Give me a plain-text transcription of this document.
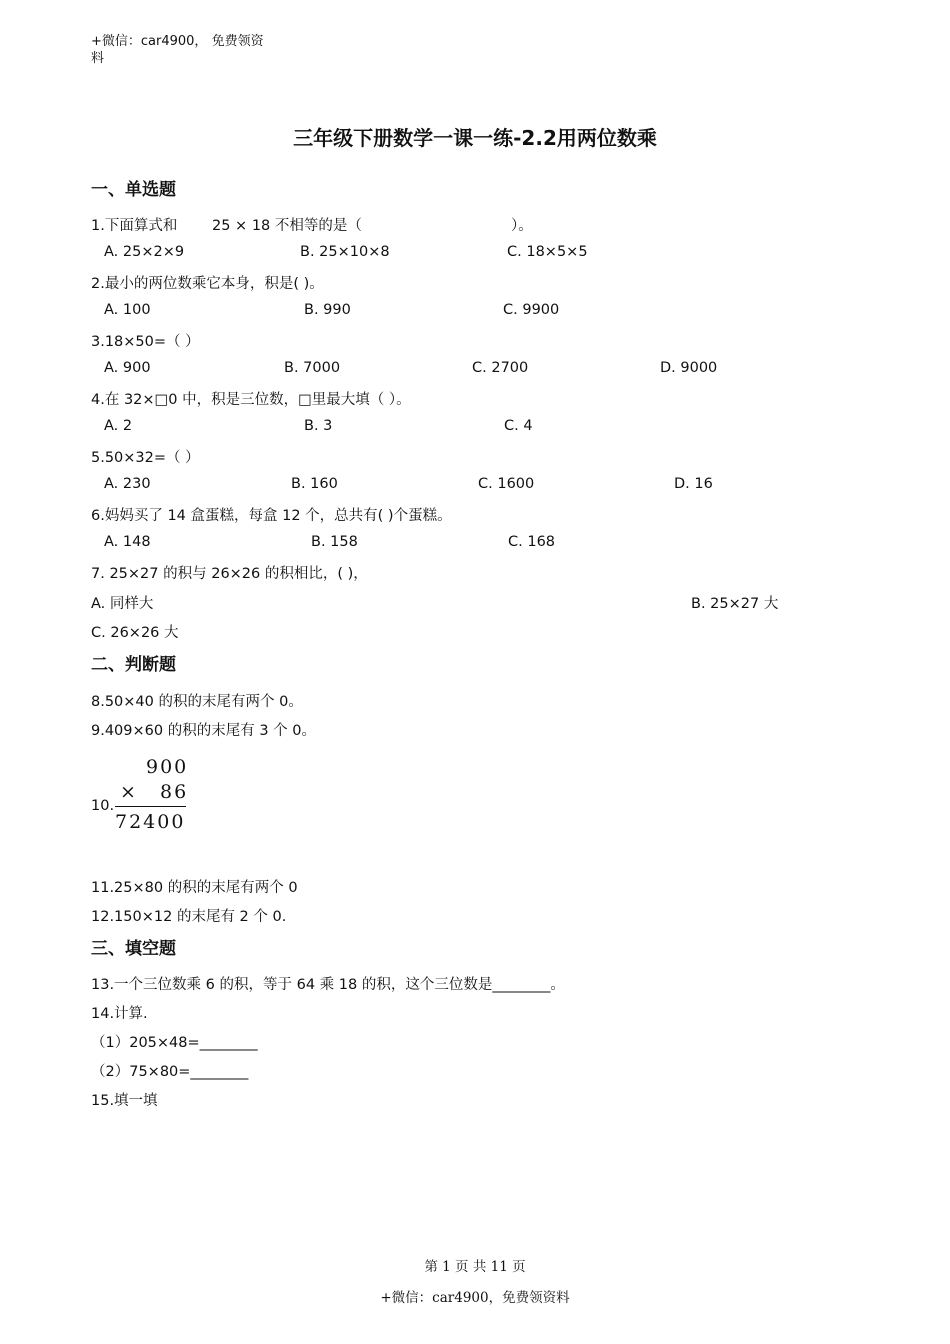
+微信：car4900， 免费领资
料
三年级下册数学一课一练-2.2用两位数乘
一、单选题
1.下面算式和 25 × 18 不相等的是（	）。
A. 25×2×9	B. 25×10×8	C. 18×5×5
2.最小的两位数乘它本身，积是( )。
A. 100	B. 990	C. 9900
3.18×50=（ ）
A. 900	B. 7000	C. 2700	D. 9000
4.在 32×□0 中，积是三位数，□里最大填（ ）。
A. 2	B. 3	C. 4
5.50×32=（ ）
A. 230	B. 160	C. 1600	D. 16
6.妈妈买了 14 盒蛋糕，每盒 12 个，总共有( )个蛋糕。
A. 148	B. 158	C. 168
7. 25×27 的积与 26×26 的积相比，( )，
A. 同样大	B. 25×27 大
C. 26×26 大
二、判断题
8.50×40 的积的末尾有两个 0。
9.409×60 的积的末尾有 3 个 0。
10.
900
× 86
72400
11.25×80 的积的末尾有两个 0
12.150×12 的末尾有 2 个 0.
三、填空题
13.一个三位数乘 6 的积，等于 64 乘 18 的积，这个三位数是________。
14.计算.
（1）205×48=________
（2）75×80=________
15.填一填
第 1 页 共 11 页
+微信：car4900，免费领资料
